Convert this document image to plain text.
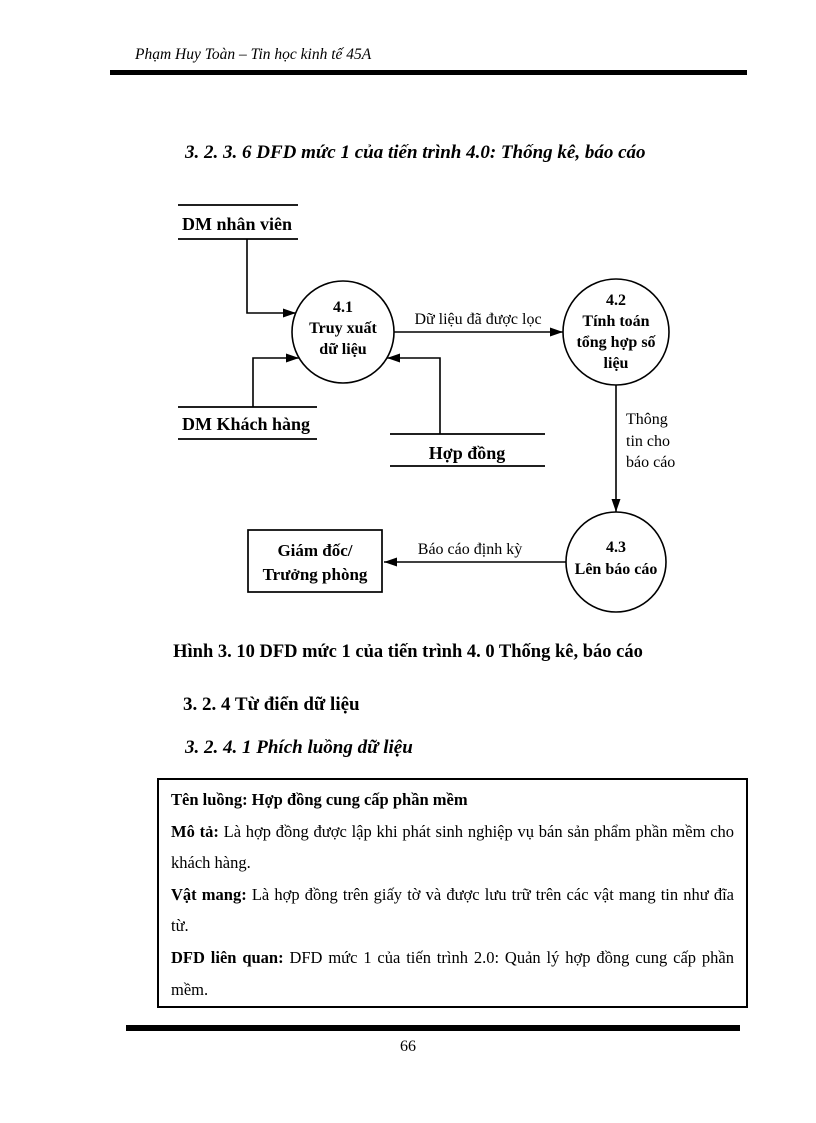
Phạm Huy Toàn – Tin học kinh tế 45A
3. 2. 3. 6 DFD mức 1 của tiến trình 4.0: Thống kê, báo cáo
DM nhân viên
DM Khách hàng
Hợp đồng
4.1
Truy xuất
dữ liệu
4.2
Tính toán
tổng hợp số
liệu
4.3
Lên báo cáo
Giám đốc/
Trưởng phòng
Dữ liệu đã được lọc
Thông
tin cho
báo cáo
Báo cáo định kỳ
Hình 3. 10 DFD mức 1 của tiến trình 4. 0 Thống kê, báo cáo
3. 2. 4 Từ điển dữ liệu
3. 2. 4. 1 Phích luồng dữ liệu

Tên luồng: Hợp đồng cung cấp phần mềm

Mô tả: Là hợp đồng được lập khi phát sinh nghiệp vụ bán sản phẩm phần mềm cho khách hàng.

Vật mang: Là hợp đồng trên giấy tờ và được lưu trữ trên các vật mang tin như đĩa từ.

DFD liên quan: DFD mức 1 của tiến trình 2.0: Quản lý hợp đồng cung cấp phần mềm.

66
